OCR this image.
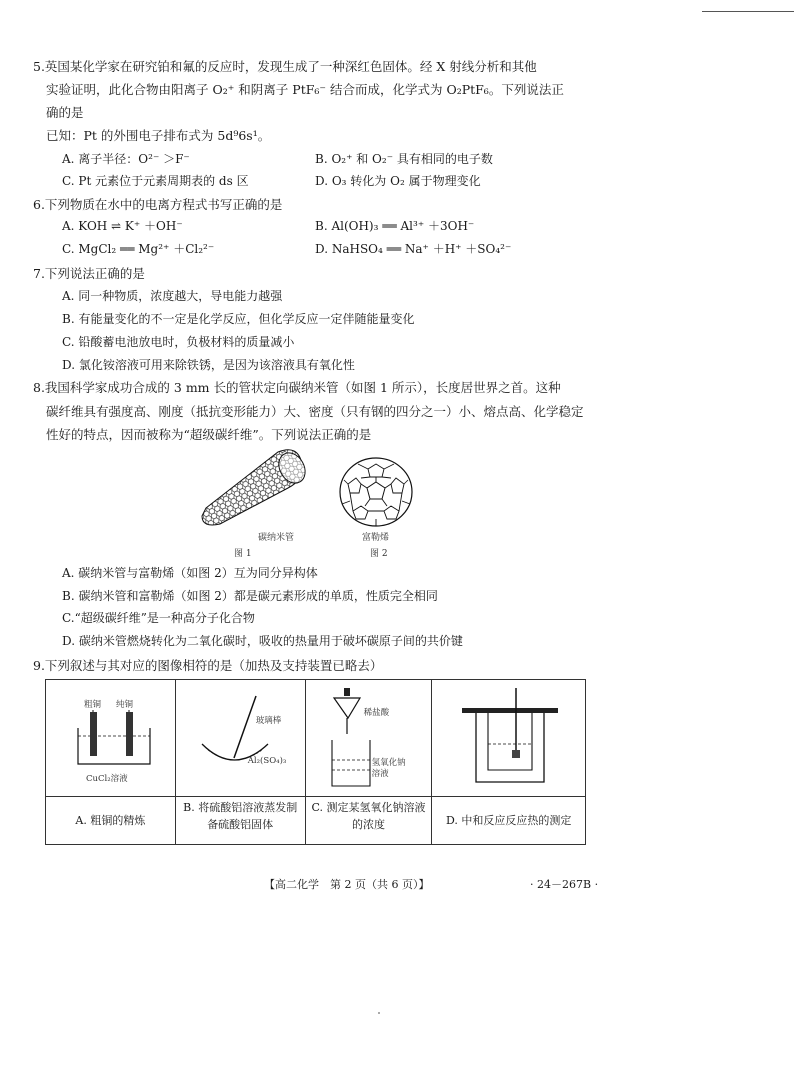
5.英国某化学家在研究铂和氟的反应时，发现生成了一种深红色固体。经 X 射线分析和其他
实验证明，此化合物由阳离子 O₂⁺ 和阴离子 PtF₆⁻ 结合而成，化学式为 O₂PtF₆。下列说法正
确的是
已知：Pt 的外围电子排布式为 5d⁹6s¹。
A. 离子半径：O²⁻ ＞F⁻	B. O₂⁺ 和 O₂⁻ 具有相同的电子数
C. Pt 元素位于元素周期表的 ds 区	D. O₃ 转化为 O₂ 属于物理变化
6.下列物质在水中的电离方程式书写正确的是
A. KOH ⇌ K⁺ ＋OH⁻	B. Al(OH)₃ ══ Al³⁺ ＋3OH⁻
C. MgCl₂ ══ Mg²⁺ ＋Cl₂²⁻	D. NaHSO₄ ══ Na⁺ ＋H⁺ ＋SO₄²⁻
7.下列说法正确的是
A. 同一种物质，浓度越大，导电能力越强
B. 有能量变化的不一定是化学反应，但化学反应一定伴随能量变化
C. 铅酸蓄电池放电时，负极材料的质量减小
D. 氯化铵溶液可用来除铁锈，是因为该溶液具有氧化性
8.我国科学家成功合成的 3 mm 长的管状定向碳纳米管（如图 1 所示），长度居世界之首。这种
碳纤维具有强度高、刚度（抵抗变形能力）大、密度（只有钢的四分之一）小、熔点高、化学稳定
性好的特点，因而被称为“超级碳纤维”。下列说法正确的是
碳纳米管
图 1
富勒烯
图 2
A. 碳纳米管与富勒烯（如图 2）互为同分异构体
B. 碳纳米管和富勒烯（如图 2）都是碳元素形成的单质，性质完全相同
C.“超级碳纤维”是一种高分子化合物
D. 碳纳米管燃烧转化为二氧化碳时，吸收的热量用于破坏碳原子间的共价键
9.下列叙述与其对应的图像相符的是（加热及支持装置已略去）
粗铜 纯铜
CuCl₂溶液	玻璃棒
Al₂(SO₄)₃	稀盐酸
氢氧化钠溶液

A. 粗铜的精炼	B. 将硫酸铝溶液蒸发制备硫酸铝固体	C. 测定某氢氧化钠溶液的浓度	D. 中和反应反应热的测定
【高二化学　第 2 页（共 6 页）】	· 24－267B ·
